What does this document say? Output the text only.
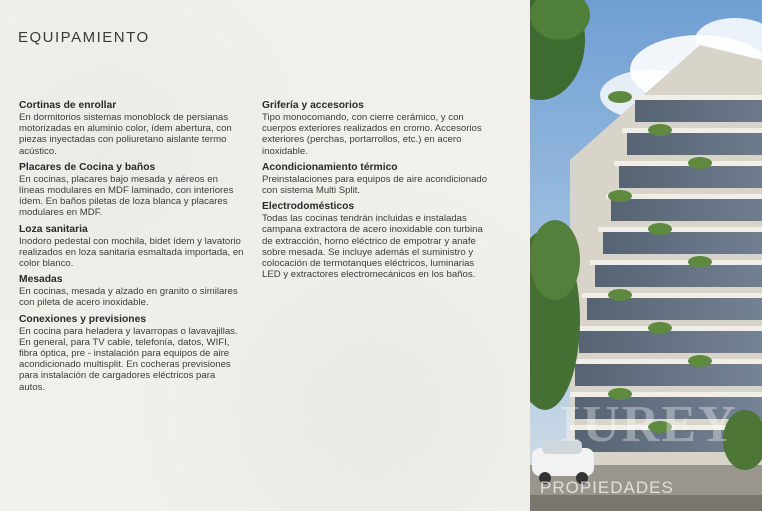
EQUIPAMIENTO
Cortinas de enrollar

En dormitorios sistemas monoblock de persianas motorizadas en aluminio color, ídem abertura, con piezas inyectadas con poliuretano aislante termo acústico.

Placares de Cocina y baños

En cocinas, placares bajo mesada y aéreos en líneas modulares en MDF laminado, con interiores ídem. En baños piletas de loza blanca y placares modulares en MDF.

Loza sanitaria

Inodoro pedestal con mochila, bidet ídem y lavatorio realizados en loza sanitaria esmaltada importada, en color blanco.

Mesadas

En cocinas, mesada y alzado en granito o similares con pileta de acero inoxidable.

Conexiones y previsiones

En cocina para heladera y lavarropas o lavavajillas. En general, para TV cable, telefonía, datos, WIFI, fibra óptica, pre - instalación para equipos de aire acondicionado multisplit. En cocheras previsiones para instalación de cargadores eléctricos para autos.

Grifería y accesorios

Tipo monocomando, con cierre cerámico, y con cuerpos exteriores realizados en cromo. Accesorios exteriores (perchas, portarrollos, etc.) en acero inoxidable.

Acondicionamiento térmico

Preinstalaciones para equipos de aire acondicionado con sistema Multi Split.

Electrodomésticos

Todas las cocinas tendrán incluidas e instaladas campana extractora de acero inoxidable con turbina de extracción, horno eléctrico de empotrar y anafe sobre mesada. Se incluye además el suministro y colocación de termotanques eléctricos, luminarias LED y extractores electromecánicos en los baños.

IUREY
PROPIEDADES
